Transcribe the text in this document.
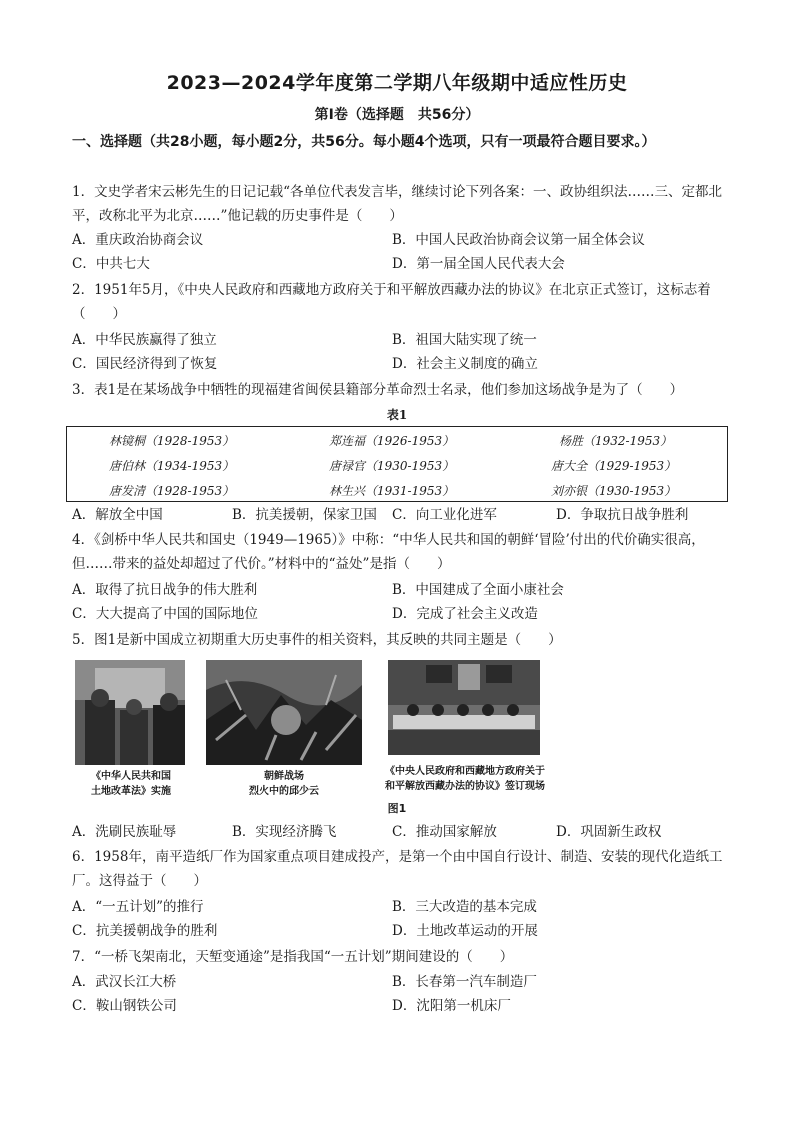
2023—2024学年度第二学期八年级期中适应性历史
第Ⅰ卷（选择题　共56分）
一、选择题（共28小题，每小题2分，共56分。每小题4个选项，只有一项最符合题目要求。）
1．文史学者宋云彬先生的日记记载“各单位代表发言毕，继续讨论下列各案：一、政协组织法……三、定都北平，改称北平为北京……”他记载的历史事件是（　　）
A．重庆政治协商会议	B．中国人民政治协商会议第一届全体会议
C．中共七大	D．第一届全国人民代表大会
2．1951年5月，《中央人民政府和西藏地方政府关于和平解放西藏办法的协议》在北京正式签订，这标志着（　　）
A．中华民族赢得了独立	B．祖国大陆实现了统一
C．国民经济得到了恢复	D．社会主义制度的确立
3．表1是在某场战争中牺牲的现福建省闽侯县籍部分革命烈士名录，他们参加这场战争是为了（　　）
表1
林镜桐（1928-1953）	郑连福（1926-1953）	杨胜（1932-1953）
唐伯林（1934-1953）	唐禄官（1930-1953）	唐大全（1929-1953）
唐发清（1928-1953）	林生兴（1931-1953）	刘亦银（1930-1953）
A．解放全中国	B．抗美援朝，保家卫国 C．向工业化进军	D．争取抗日战争胜利
4．《剑桥中华人民共和国史（1949—1965）》中称：“中华人民共和国的朝鲜‘冒险’付出的代价确实很高，但……带来的益处却超过了代价。”材料中的“益处”是指（　　）
A．取得了抗日战争的伟大胜利	B．中国建成了全面小康社会
C．大大提高了中国的国际地位	D．完成了社会主义改造
5．图1是新中国成立初期重大历史事件的相关资料，其反映的共同主题是（　　）
《中华人民共和国
土地改革法》实施
朝鲜战场
烈火中的邱少云
《中央人民政府和西藏地方政府关于
和平解放西藏办法的协议》签订现场
图1
A．洗刷民族耻辱	B．实现经济腾飞	C．推动国家解放	D．巩固新生政权
6．1958年，南平造纸厂作为国家重点项目建成投产，是第一个由中国自行设计、制造、安装的现代化造纸工厂。这得益于（　　）
A．“一五计划”的推行	B．三大改造的基本完成
C．抗美援朝战争的胜利	D．土地改革运动的开展
7．“一桥飞架南北，天堑变通途”是指我国“一五计划”期间建设的（　　）
A．武汉长江大桥	B．长春第一汽车制造厂
C．鞍山钢铁公司	D．沈阳第一机床厂
